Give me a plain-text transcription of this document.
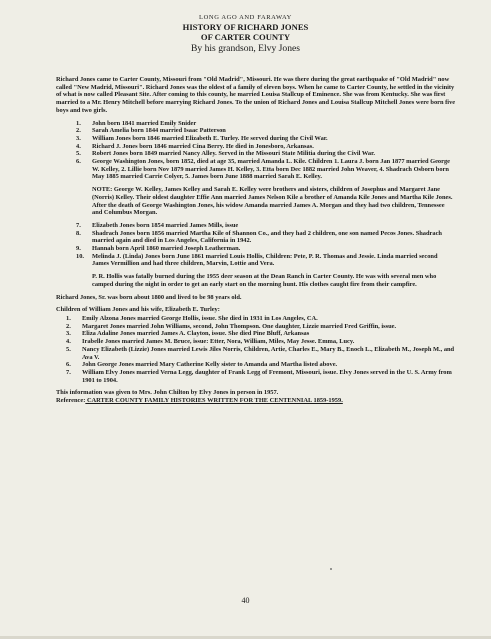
LONG AGO AND FARAWAY
HISTORY OF RICHARD JONES
OF CARTER COUNTY
By his grandson, Elvy Jones

Richard Jones came to Carter County, Missouri from "Old Madrid", Missouri. He was there during the great earthquake of "Old Madrid" now called "New Madrid, Missouri". Richard Jones was the oldest of a family of eleven boys. When he came to Carter County, he settled in the vicinity of what is now called Pleasant Site. After coming to this county, he married Louisa Stallcup of Eminence. She was from Kentucky. She was first married to a Mr. Henry Mitchell before marrying Richard Jones. To the union of Richard Jones and Louisa Stallcup Mitchell Jones were born five boys and two girls.

1. John born 1841 married Emily Snider
2. Sarah Amelia born 1844 married Isaac Patterson
3. William Jones born 1846 married Elizabeth E. Turley. He served during the Civil War.
4. Richard J. Jones born 1846 married Cina Berry. He died in Jonesboro, Arkansas.
5. Robert Jones born 1849 married Nancy Alley. Served in the Missouri State Militia during the Civil War.
6. George Washington Jones, born 1852, died at age 35, married Amanda L. Kile. Children 1. Laura J. born Jan 1877 married George W. Kelley, 2. Lillie born Nov 1879 married James H. Kelley, 3. Etta born Dec 1882 married John Weaver, 4. Shadrach Osborn born May 1885 married Carrie Colyer, 5. James born June 1888 married Sarah E. Kelley.

NOTE: George W. Kelley, James Kelley and Sarah E. Kelley were brothers and sisters, children of Josephus and Margaret Jane (Norris) Kelley. Their oldest daughter Effie Ann married James Nelson Kile a brother of Amanda Kile Jones and Martha Kile Jones. After the death of George Washington Jones, his widow Amanda married James A. Morgan and they had two children, Tennessee and Columbus Morgan.

7. Elizabeth Jones born 1854 married James Mills, issue
8. Shadrach Jones born 1856 married Martha Kile of Shannon Co., and they had 2 children, one son named Pecos Jones. Shadrach married again and died in Los Angeles, California in 1942.
9. Hannah born April 1860 married Joseph Leatherman.
10. Melinda J. (Linda) Jones born June 1861 married Louis Hollis, Children: Pete, P. R. Thomas and Jessie. Linda married second James Vermillion and had three children, Marvin, Lottie and Vera.

P. R. Hollis was fatally burned during the 1955 deer season at the Dean Ranch in Carter County. He was with several men who camped during the night in order to get an early start on the morning hunt. His clothes caught fire from their campfire.

Richard Jones, Sr. was born about 1800 and lived to be 98 years old.

Children of William Jones and his wife, Elizabeth E. Turley:

1. Emily Alzona Jones married George Hollis, issue. She died in 1931 in Los Angeles, CA.
2. Margaret Jones married John Williams, second, John Thompson. One daughter, Lizzie married Fred Griffin, issue.
3. Eliza Adaline Jones married James A. Clayton, issue. She died Pine Bluff, Arkansas
4. Irabelle Jones married James M. Bruce, issue: Etter, Nora, William, Miles, May Jesse. Emma, Lucy.
5. Nancy Elizabeth (Lizzie) Jones married Lewis Jiles Norris, Children, Artie, Charles E., Mary B., Enoch L., Elizabeth M., Joseph M., and Ava V.
6. John George Jones married Mary Catherine Kelly sister to Amanda and Martha listed above.
7. William Elvy Jones married Verna Legg, daughter of Frank Legg of Fremont, Missouri, issue. Elvy Jones served in the U. S. Army from 1901 to 1904.

This information was given to Mrs. John Chilton by Elvy Jones in person in 1957.

Reference: CARTER COUNTY FAMILY HISTORIES WRITTEN FOR THE CENTENNIAL 1859-1959.

40
